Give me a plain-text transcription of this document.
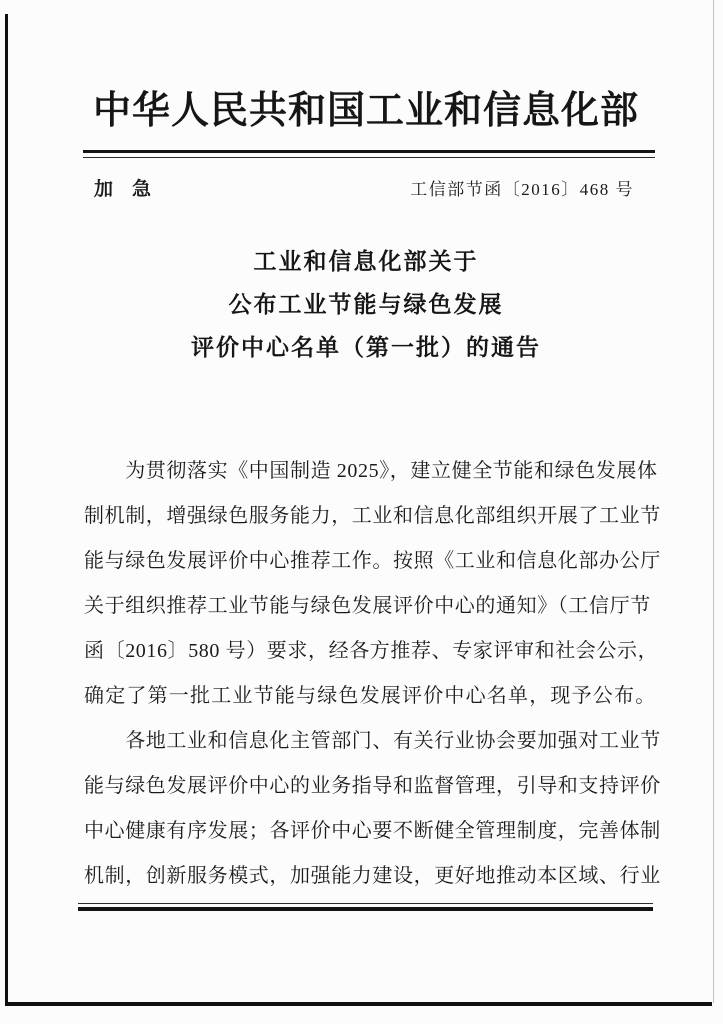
中华人民共和国工业和信息化部
加　急	工信部节函〔2016〕468 号
工业和信息化部关于
公布工业节能与绿色发展
评价中心名单（第一批）的通告
　　为贯彻落实《中国制造 2025》，建立健全节能和绿色发展体
制机制，增强绿色服务能力，工业和信息化部组织开展了工业节
能与绿色发展评价中心推荐工作。按照《工业和信息化部办公厅
关于组织推荐工业节能与绿色发展评价中心的通知》（工信厅节
函〔2016〕580 号）要求，经各方推荐、专家评审和社会公示，
确定了第一批工业节能与绿色发展评价中心名单，现予公布。
　　各地工业和信息化主管部门、有关行业协会要加强对工业节
能与绿色发展评价中心的业务指导和监督管理，引导和支持评价
中心健康有序发展；各评价中心要不断健全管理制度，完善体制
机制，创新服务模式，加强能力建设，更好地推动本区域、行业
